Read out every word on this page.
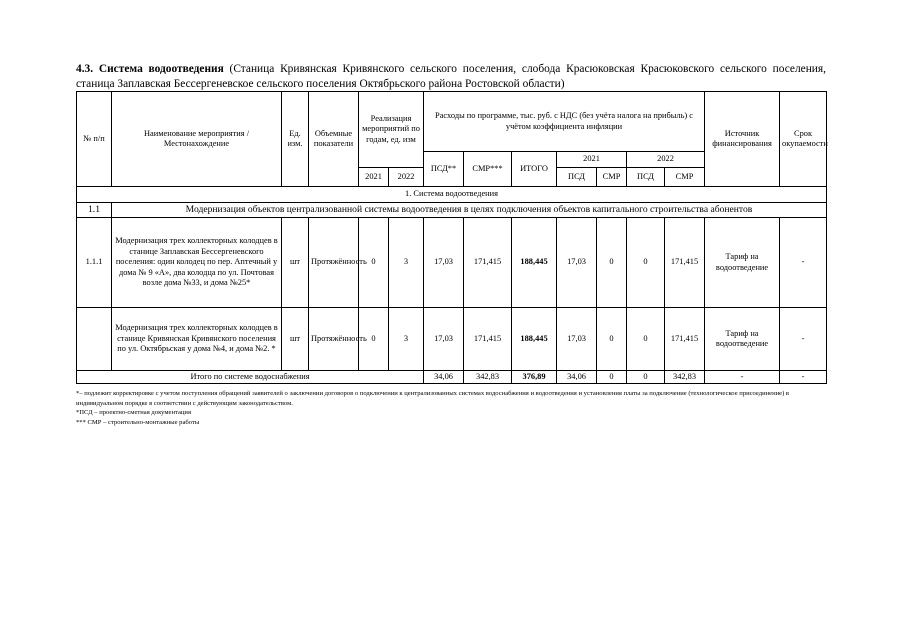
4.3. Система водоотведения (Станица Кривянская Кривянского сельского поселения, слобода Красюковская Красюковского сельского поселения, станица Заплавская Бессергеневское сельского поселения Октябрьского района Ростовской области)
№ п/п	Наименование мероприятия / Местонахождение	Ед. изм.	Объемные показатели	Реализация мероприятий по годам, ед. изм		Расходы по программе, тыс. руб. с НДС (без учёта налога на прибыль) с учётом коэффициента инфляции							Источник финансирования	Срок окупаемости
						ПСД**	СМР***	ИТОГО	2021		2022			
				2021	2022				ПСД	СМР	ПСД	СМР		
1. Система водоотведения														
1.1	Модернизация объектов централизованной системы водоотведения в целях подключения объектов капитального строительства абонентов													
1.1.1	Модернизация трех коллекторных колодцев в станице Заплавская Бессергеневского поселения: один колодец по пер. Аптечный у дома № 9 «А», два колодца по ул. Почтовая возле дома №33, и дома №25*	шт	Протяжённость	0	3	17,03	171,415	188,445	17,03	0	0	171,415	Тариф на водоотведение	-
	Модернизация трех коллекторных колодцев в станице Кривянская Кривянского поселения по ул. Октябрьская у дома №4, и дома №2. *	шт	Протяжённость	0	3	17,03	171,415	188,445	17,03	0	0	171,415	Тариф на водоотведение	-
Итого по системе водоснабжения						34,06	342,83	376,89	34,06	0	0	342,83	-	-
*– подлежит корректировке с учетом поступления обращений заявителей о заключении договоров о подключении к централизованных системах водоснабжения и водоотведения и установления платы за подключение (технологическое присоединение) в индивидуальном порядке в соответствии с действующим законодательством.
*ПСД – проектно-сметная документация
*** СМР – строительно-монтажные работы
